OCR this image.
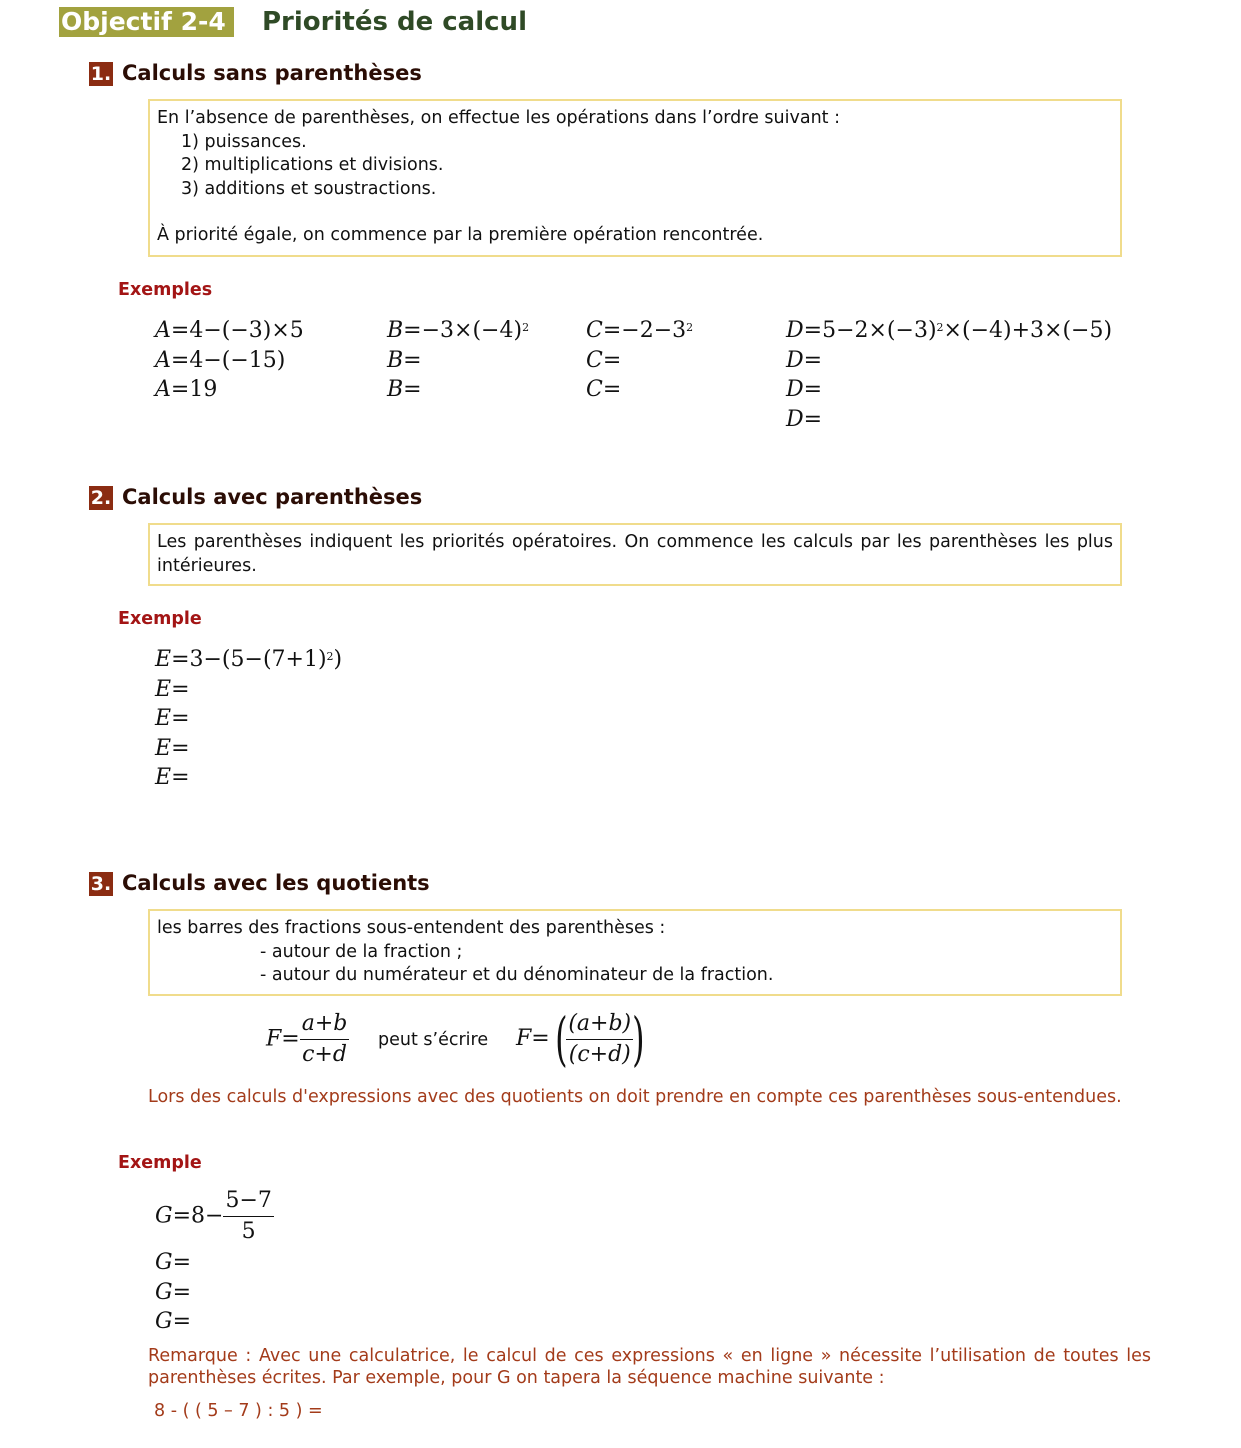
Objectif 2-4	Priorités de calcul
1. Calculs sans parenthèses
En l’absence de parenthèses, on effectue les opérations dans l’ordre suivant :
1) puissances.
2) multiplications et divisions.
3) additions et soustractions.
À priorité égale, on commence par la première opération rencontrée.
Exemples
A=4−(−3)×5
A=4−(−15)
A=19
$B=-3\times(-4)^2$
B=
B=
$C=-2-3^2$
C=
C=
$D=5-2\times(-3)^2\times(-4)+3\times(-5)$
D=
D=
D=
2. Calculs avec parenthèses
Les parenthèses indiquent les priorités opératoires. On commence les calculs par les parenthèses les plus intérieures.
Exemple
$E=3-(5-(7+1)^2)$
E=
E=
E=
E=
3. Calculs avec les quotients
les barres des fractions sous-entendent des parenthèses :
- autour de la fraction ;
- autour du numérateur et du dénominateur de la fraction.
$F= \frac{a+b}{c+d}$ peut s’écrire $F=( \frac{(a+b)}{(c+d)}$ )
Lors des calculs d'expressions avec des quotients on doit prendre en compte ces parenthèses sous-entendues.
Exemple
$G=8- \frac{5-7}{5}$
G=
G=
G=
Remarque : Avec une calculatrice, le calcul de ces expressions « en ligne » nécessite l’utilisation de toutes les parenthèses écrites. Par exemple, pour G on tapera la séquence machine suivante :
8 - ( ( 5 – 7 ) : 5 ) =
